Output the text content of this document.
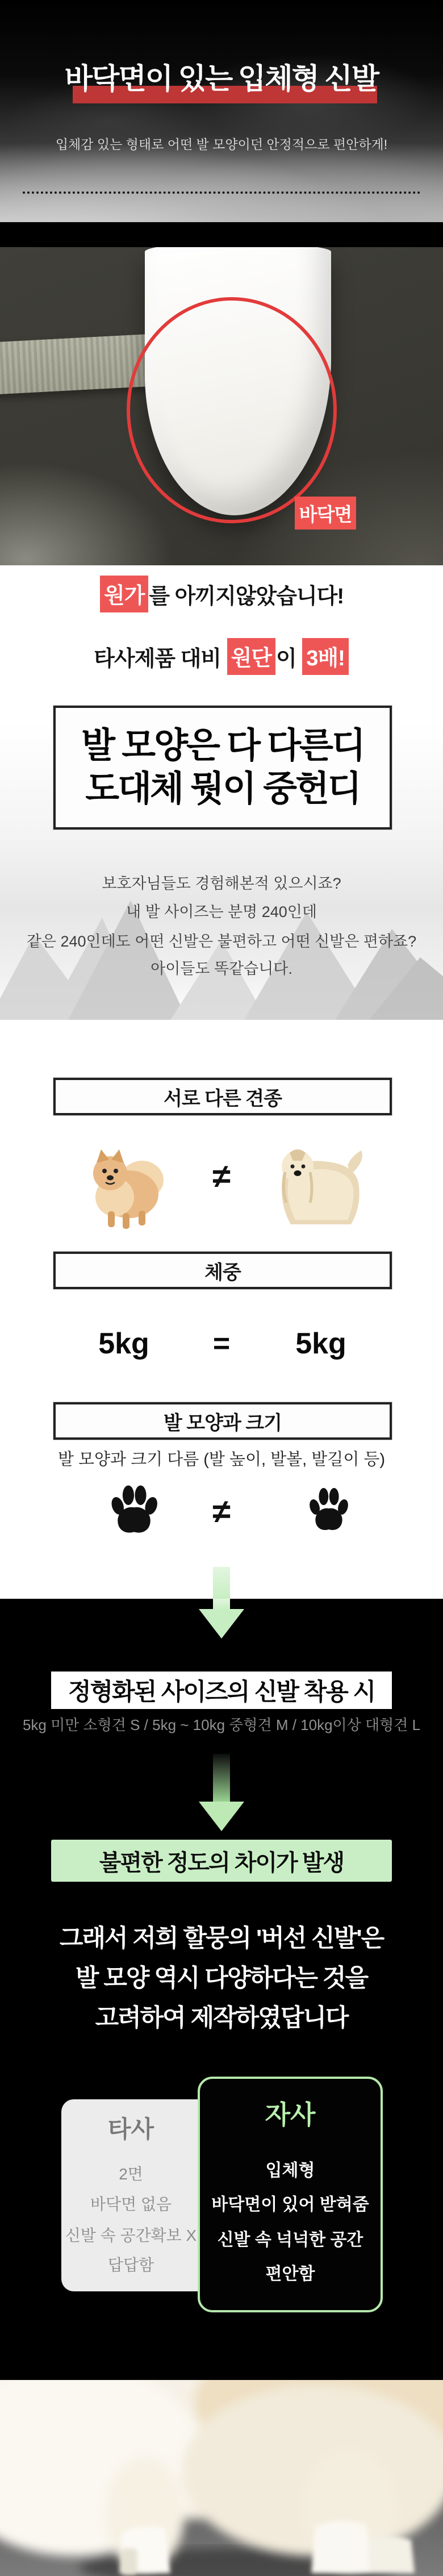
바닥면이 있는 입체형 신발
입체감 있는 형태로 어떤 발 모양이던 안정적으로 편안하게!
바닥면
원가 를 아끼지않았습니다!
타사제품 대비
원단 이
3배!
발 모양은 다 다른디
도대체 뭣이 중헌디
보호자님들도 경험해본적 있으시죠?
내 발 사이즈는 분명 240인데
같은 240인데도 어떤 신발은 불편하고 어떤 신발은 편하죠?
아이들도 똑같습니다.
서로 다른 견종
≠
체중
5kg	=	5kg
발 모양과 크기
발 모양과 크기 다름 (발 높이, 발볼, 발길이 등)
≠
정형화된 사이즈의 신발 착용 시
5kg 미만 소형견 S / 5kg ~ 10kg 중형견 M / 10kg이상 대형견 L
불편한 정도의 차이가 발생
그래서 저희 할뭉의 '버선 신발'은
발 모양 역시 다양하다는 것을
고려하여 제작하였답니다
타사
2면
바닥면 없음
신발 속 공간확보 X
답답함
자사
입체형
바닥면이 있어 받혀줌
신발 속 넉넉한 공간
편안함
